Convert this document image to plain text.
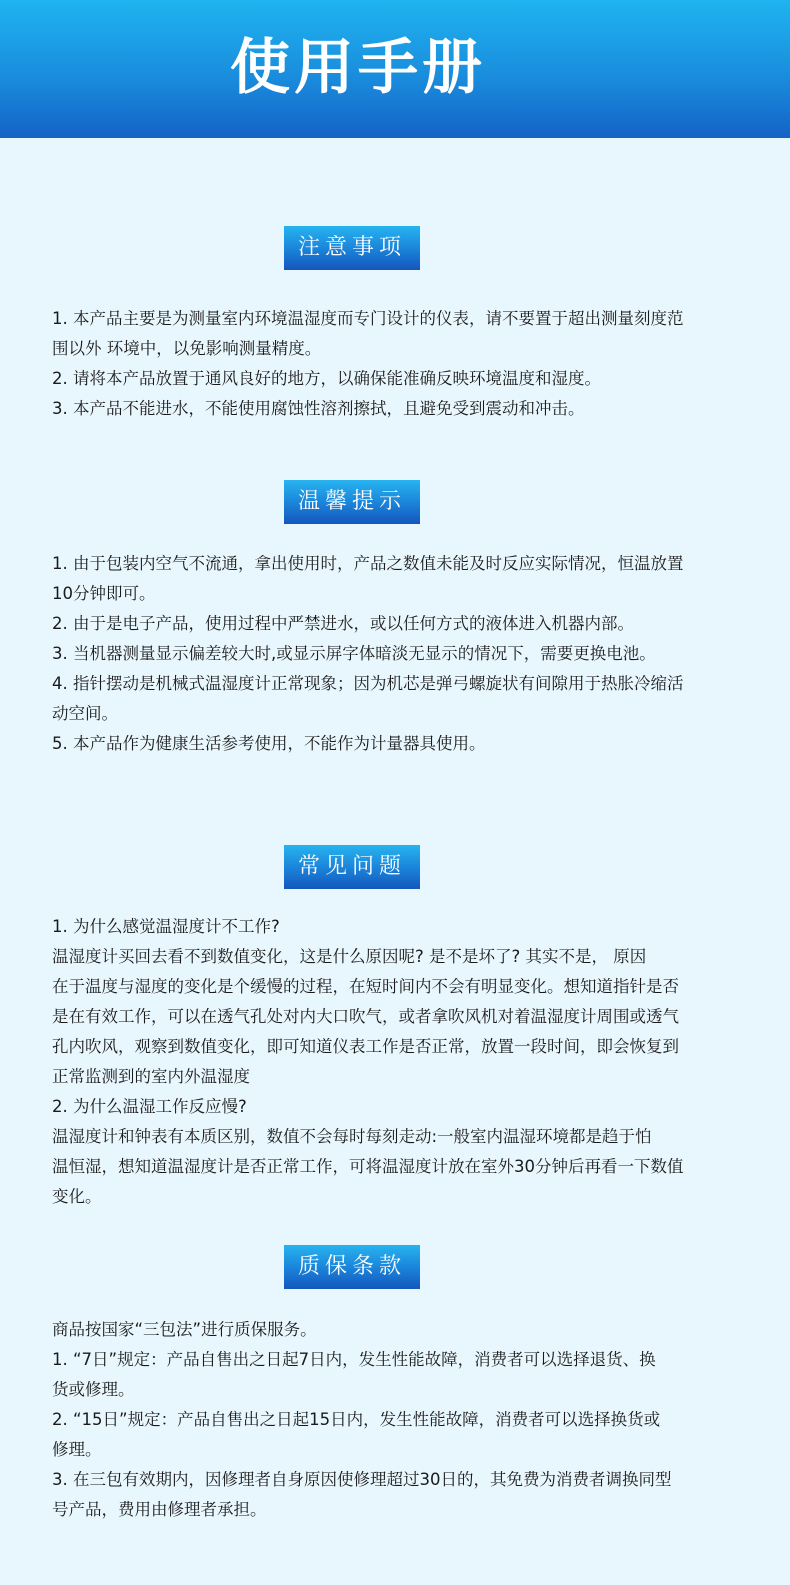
使用手册
注意事项

1. 本产品主要是为测量室内环境温湿度而专门设计的仪表，请不要置于超出测量刻度范

围以外 环境中，以免影响测量精度。

2. 请将本产品放置于通风良好的地方，以确保能准确反映环境温度和湿度。

3. 本产品不能进水，不能使用腐蚀性溶剂擦拭，且避免受到震动和冲击。

温馨提示

1. 由于包装内空气不流通，拿出使用时，产品之数值未能及时反应实际情况，恒温放置

10分钟即可。

2. 由于是电子产品，使用过程中严禁进水，或以任何方式的液体进入机器内部。

3. 当机器测量显示偏差较大时,或显示屏字体暗淡无显示的情况下，需要更换电池。

4. 指针摆动是机械式温湿度计正常现象；因为机芯是弹弓螺旋状有间隙用于热胀冷缩活

动空间。

5. 本产品作为健康生活参考使用，不能作为计量器具使用。

常见问题

1. 为什么感觉温湿度计不工作?

温湿度计买回去看不到数值变化，这是什么原因呢? 是不是坏了? 其实不是， 原因

在于温度与湿度的变化是个缓慢的过程，在短时间内不会有明显变化。想知道指针是否

是在有效工作，可以在透气孔处对内大口吹气，或者拿吹风机对着温湿度计周围或透气

孔内吹风，观察到数值变化，即可知道仪表工作是否正常，放置一段时间，即会恢复到

正常监测到的室内外温湿度

2. 为什么温湿工作反应慢?

温湿度计和钟表有本质区别，数值不会每时每刻走动:一般室内温湿环境都是趋于怕

温恒湿，想知道温湿度计是否正常工作，可将温湿度计放在室外30分钟后再看一下数值

变化。

质保条款

商品按国家“三包法”进行质保服务。

1. “7日”规定：产品自售出之日起7日内，发生性能故障，消费者可以选择退货、换

货或修理。

2. “15日”规定：产品自售出之日起15日内，发生性能故障，消费者可以选择换货或

修理。

3. 在三包有效期内，因修理者自身原因使修理超过30日的，其免费为消费者调换同型

号产品，费用由修理者承担。
